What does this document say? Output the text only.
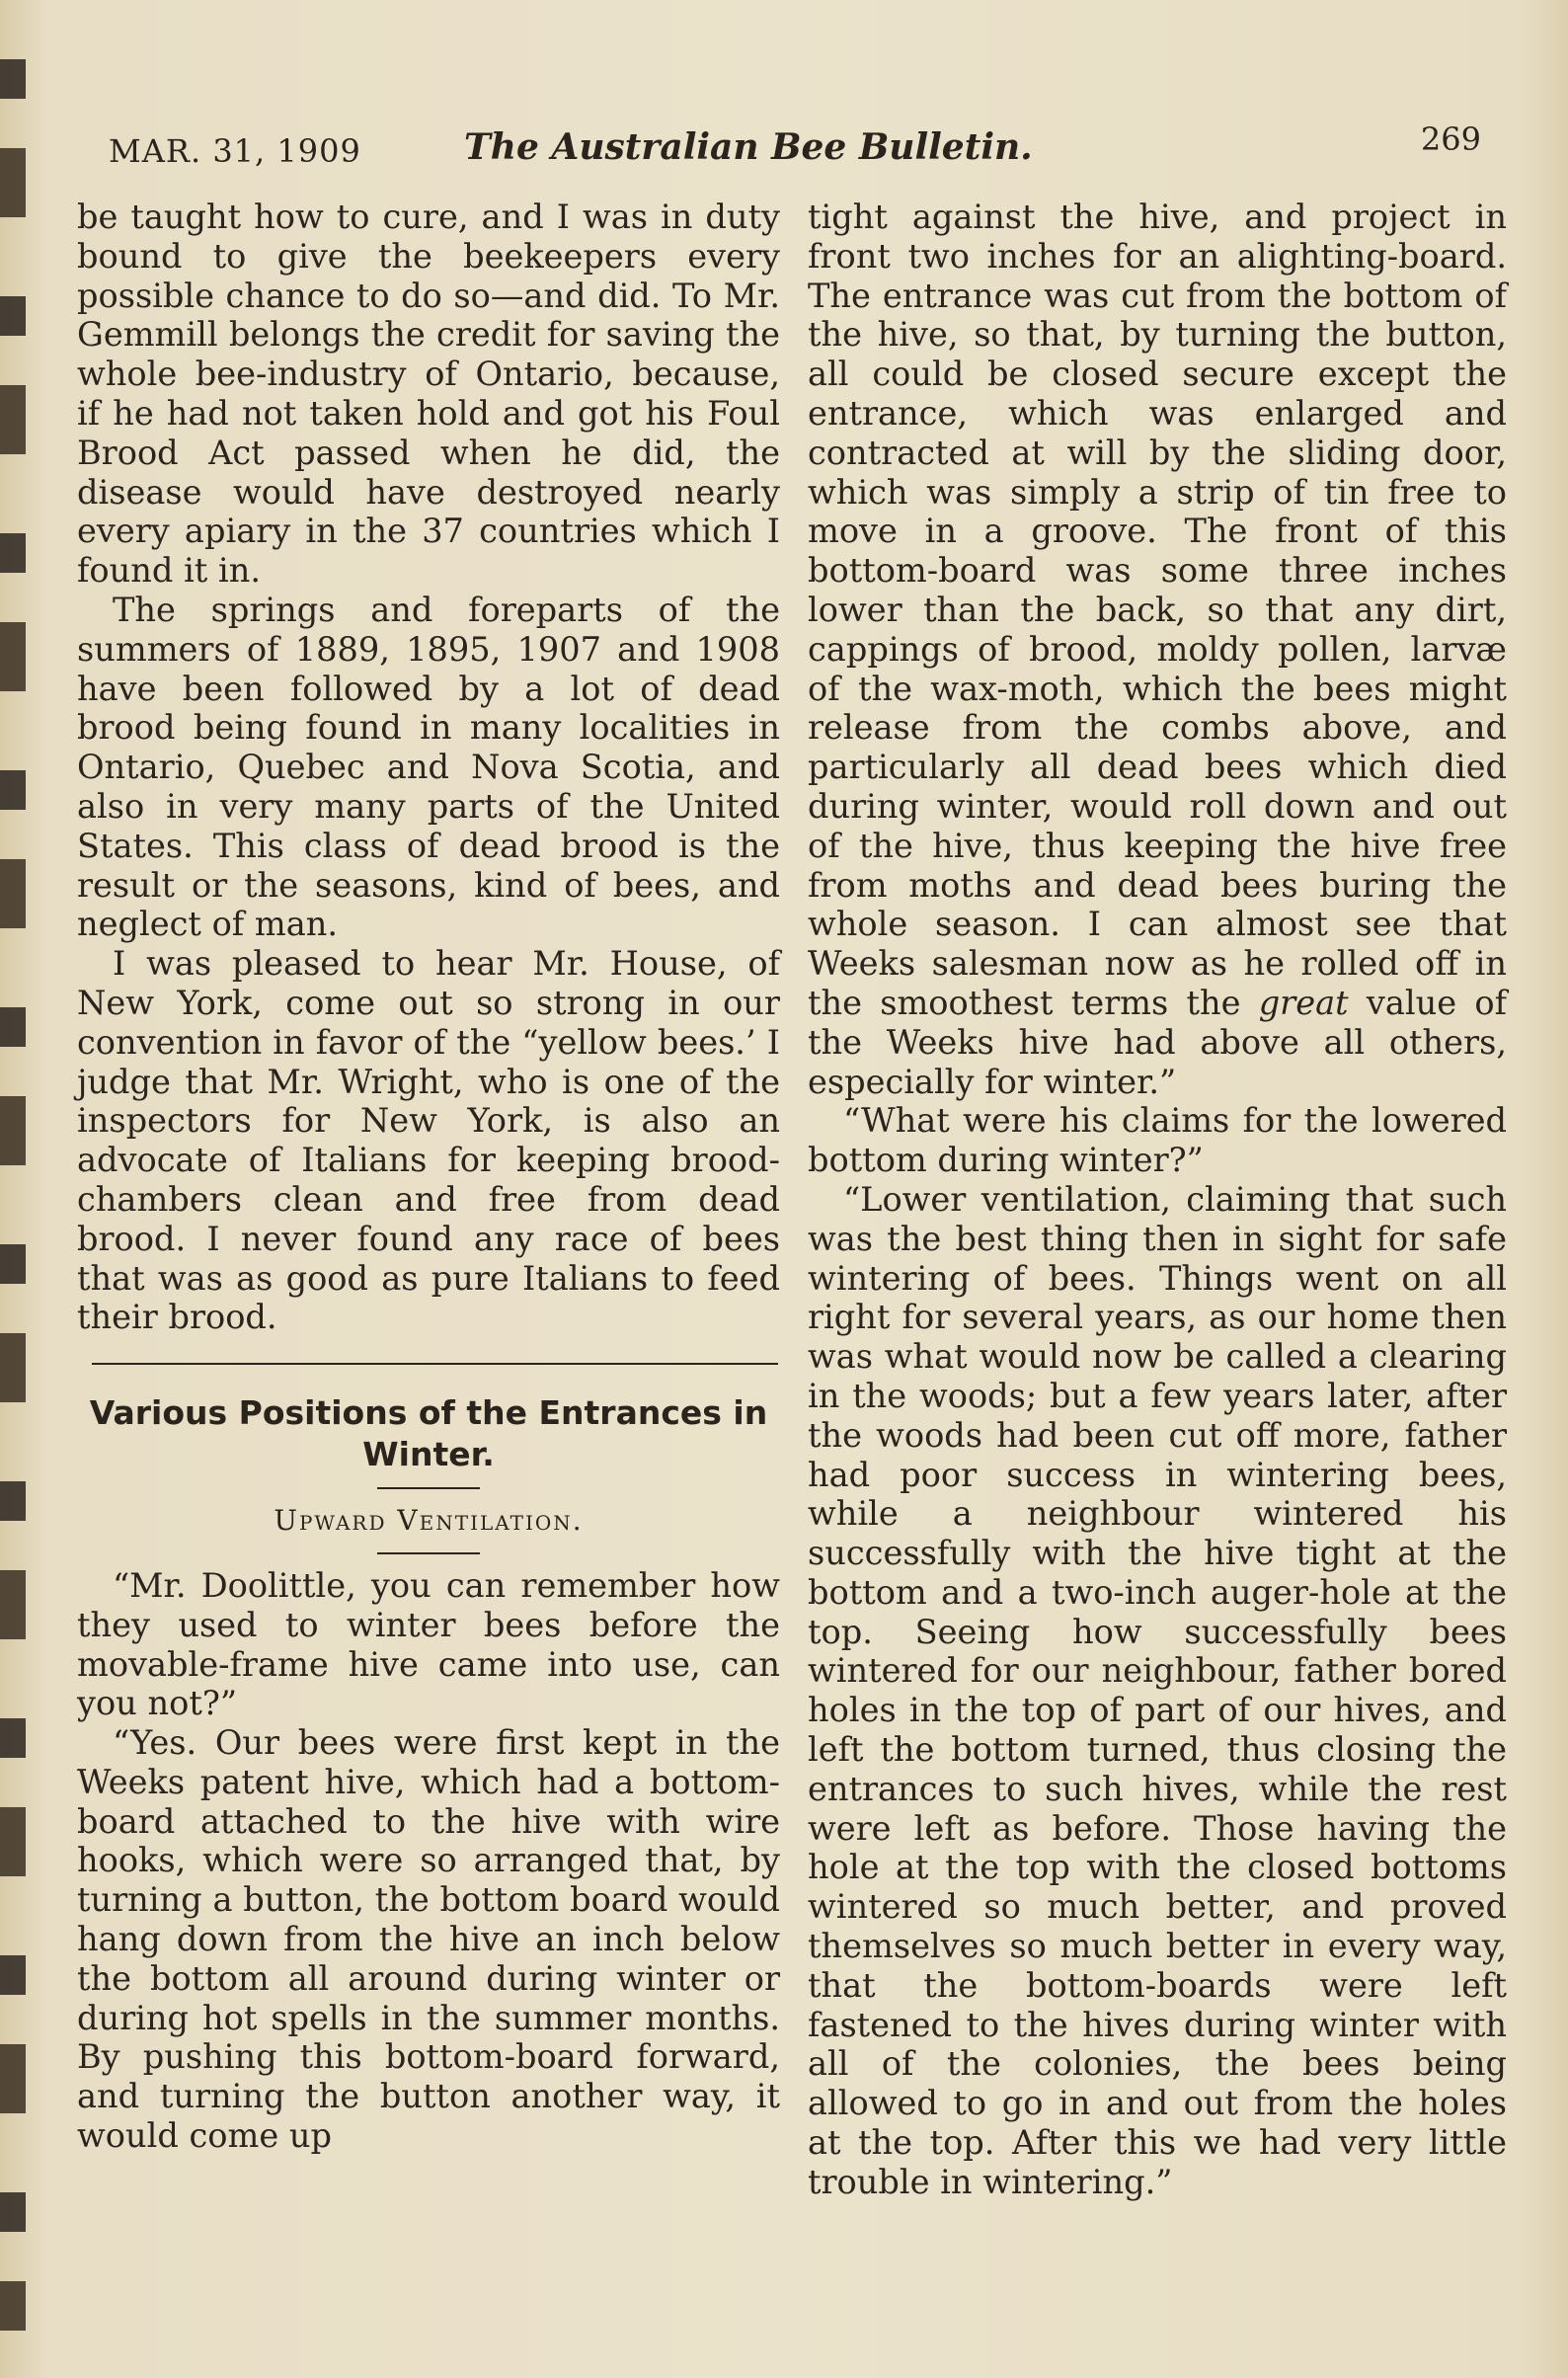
MAR. 31, 1909	The Australian Bee Bulletin.	269

be taught how to cure, and I was in duty bound to give the beekeepers every possible chance to do so—and did. To Mr. Gemmill belongs the credit for saving the whole bee-industry of Ontario, because, if he had not taken hold and got his Foul Brood Act passed when he did, the disease would have destroyed nearly every apiary in the 37 countries which I found it in.

The springs and foreparts of the summers of 1889, 1895, 1907 and 1908 have been followed by a lot of dead brood being found in many localities in Ontario, Quebec and Nova Scotia, and also in very many parts of the United States. This class of dead brood is the result or the seasons, kind of bees, and neglect of man.

I was pleased to hear Mr. House, of New York, come out so strong in our convention in favor of the “yellow bees.’ I judge that Mr. Wright, who is one of the inspectors for New York, is also an advocate of Italians for keeping brood-chambers clean and free from dead brood. I never found any race of bees that was as good as pure Italians to feed their brood.

Various Positions of the Entrances in Winter.
Upward Ventilation.

“Mr. Doolittle, you can remember how they used to winter bees before the movable-frame hive came into use, can you not?”

“Yes. Our bees were first kept in the Weeks patent hive, which had a bottom-board attached to the hive with wire hooks, which were so arranged that, by turning a button, the bottom board would hang down from the hive an inch below the bottom all around during winter or during hot spells in the summer months. By pushing this bottom-board forward, and turning the button another way, it would come up

tight against the hive, and project in front two inches for an alighting-board. The entrance was cut from the bottom of the hive, so that, by turning the button, all could be closed secure except the entrance, which was enlarged and contracted at will by the sliding door, which was simply a strip of tin free to move in a groove. The front of this bottom-board was some three inches lower than the back, so that any dirt, cappings of brood, moldy pollen, larvæ of the wax-moth, which the bees might release from the combs above, and particularly all dead bees which died during winter, would roll down and out of the hive, thus keeping the hive free from moths and dead bees buring the whole season. I can almost see that Weeks salesman now as he rolled off in the smoothest terms the great value of the Weeks hive had above all others, especially for winter.”

“What were his claims for the lowered bottom during winter?”

“Lower ventilation, claiming that such was the best thing then in sight for safe wintering of bees. Things went on all right for several years, as our home then was what would now be called a clearing in the woods; but a few years later, after the woods had been cut off more, father had poor success in wintering bees, while a neighbour wintered his successfully with the hive tight at the bottom and a two-inch auger-hole at the top. Seeing how successfully bees wintered for our neighbour, father bored holes in the top of part of our hives, and left the bottom turned, thus closing the entrances to such hives, while the rest were left as before. Those having the hole at the top with the closed bottoms wintered so much better, and proved themselves so much better in every way, that the bottom-boards were left fastened to the hives during winter with all of the colonies, the bees being allowed to go in and out from the holes at the top. After this we had very little trouble in wintering.”
